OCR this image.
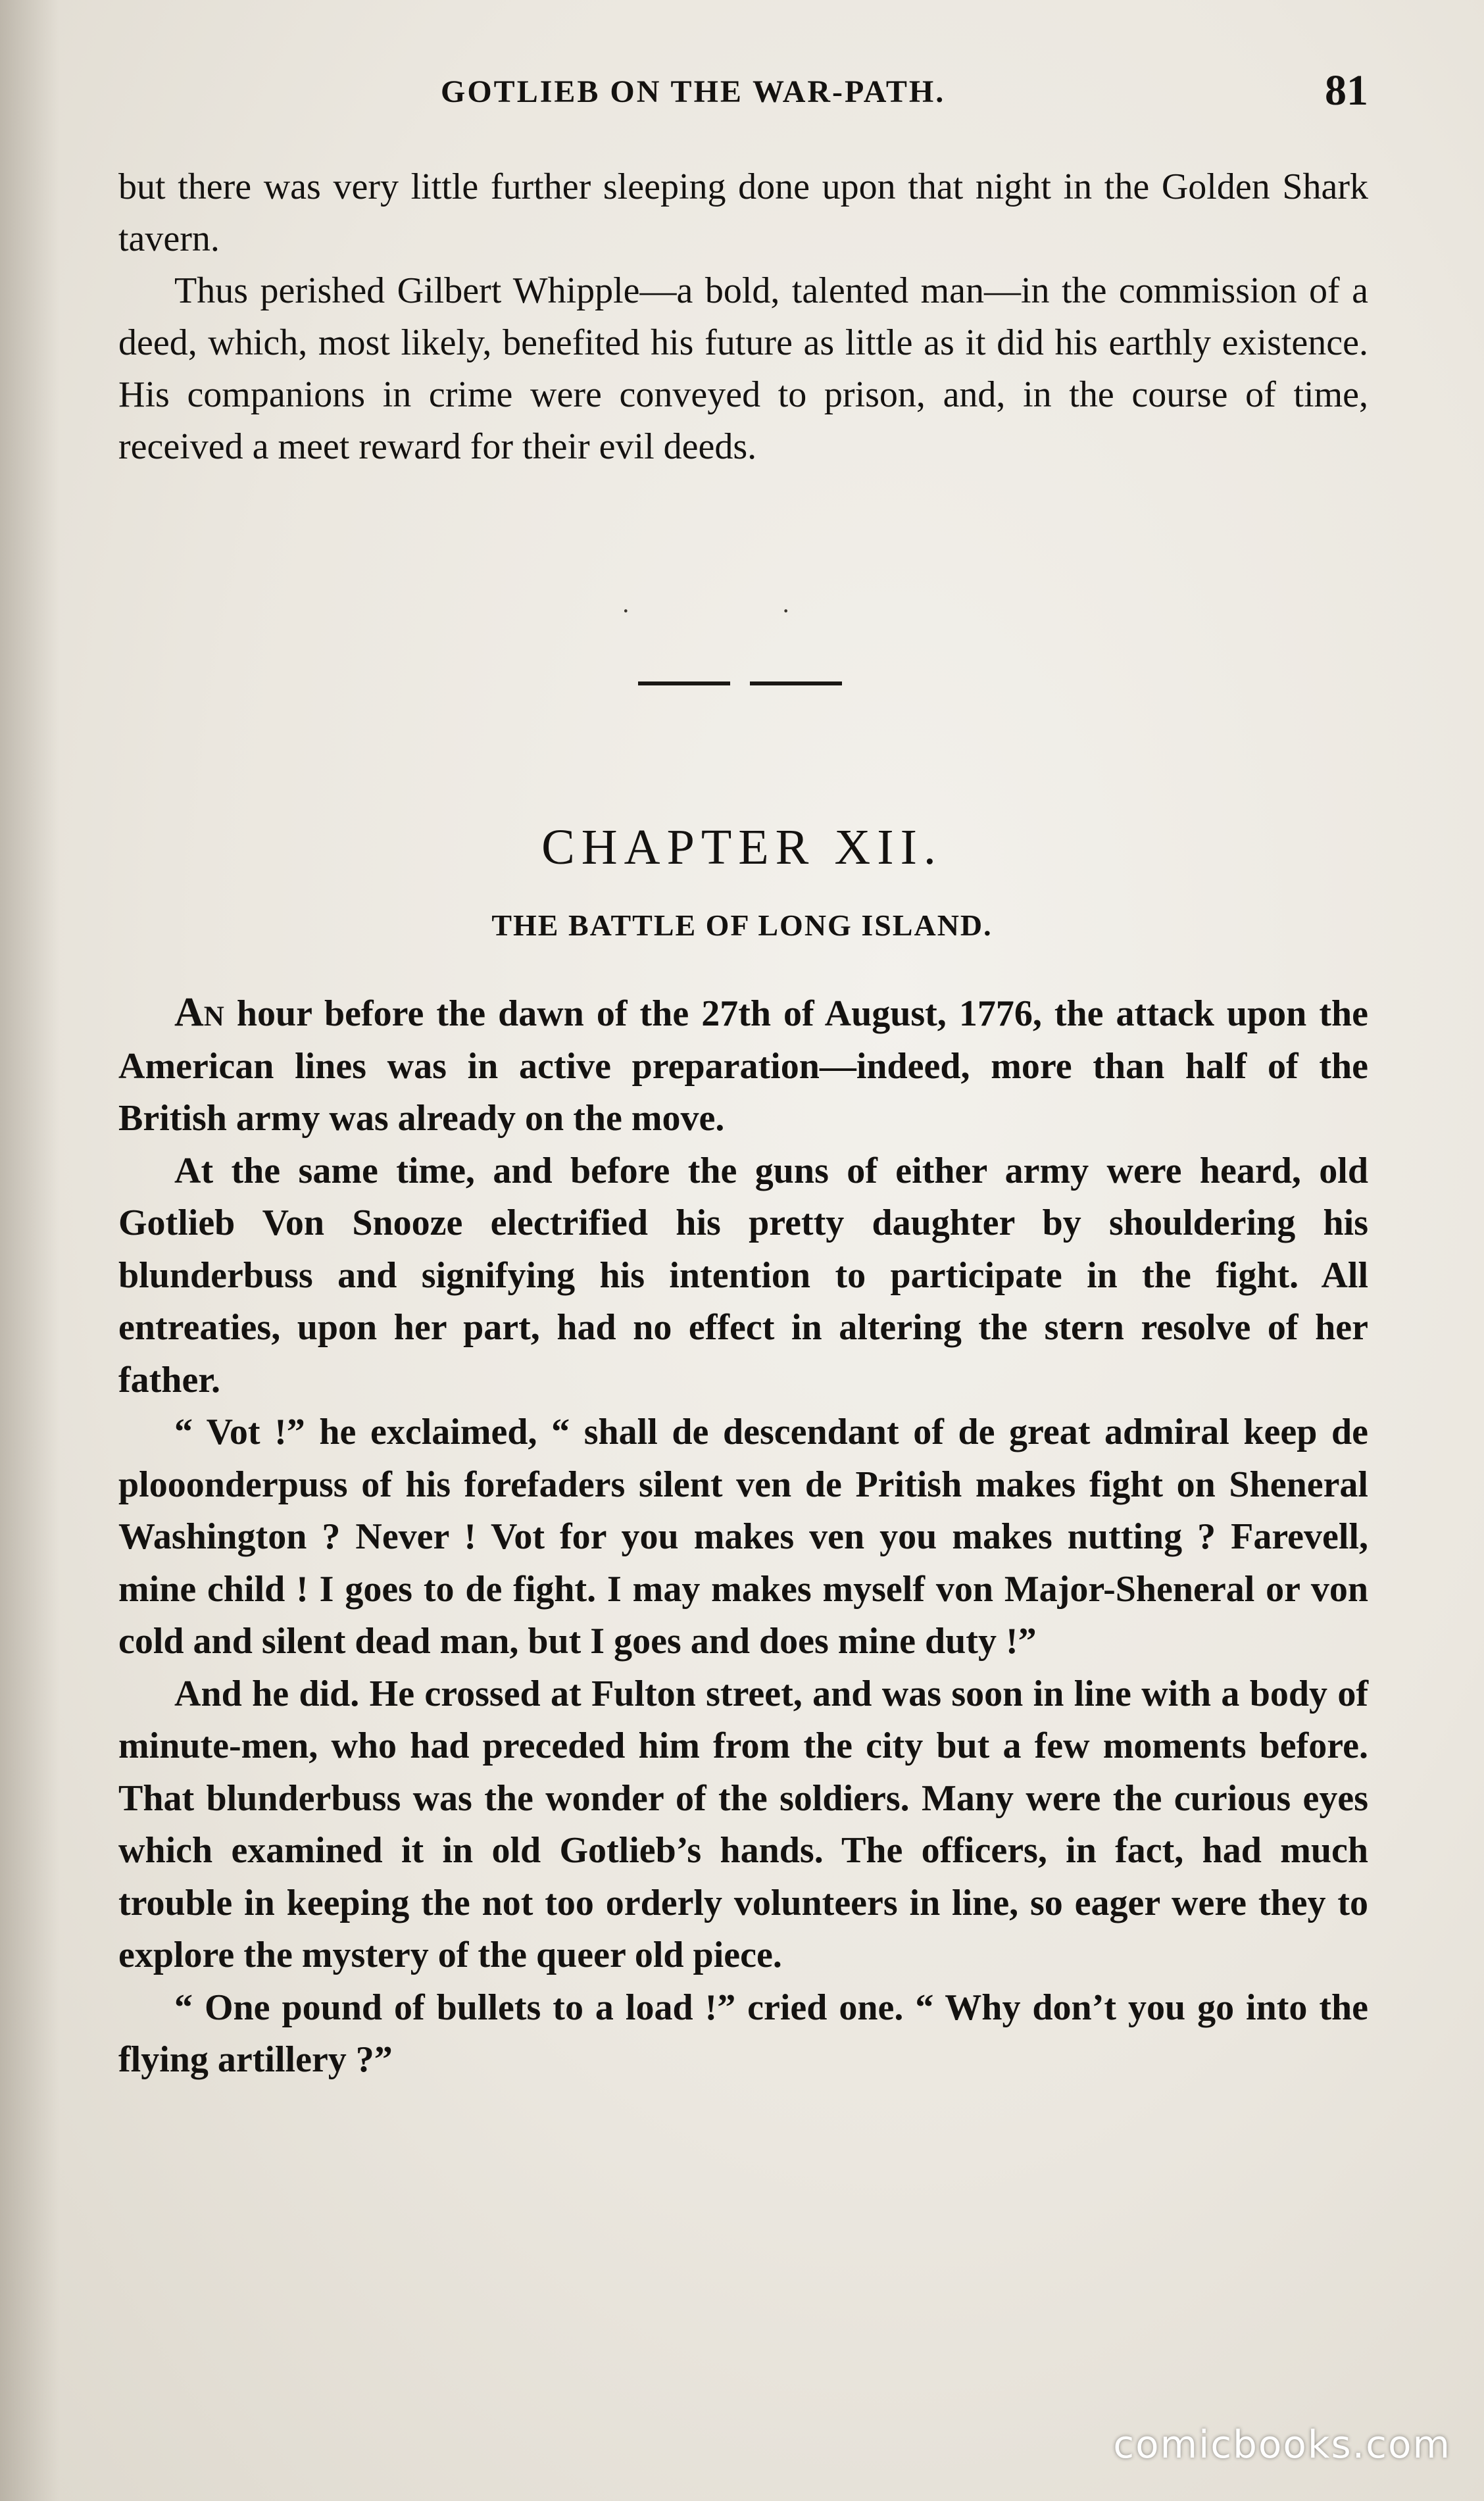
GOTLIEB ON THE WAR-PATH.	81

but there was very little further sleeping done upon that night in the Golden Shark tavern.

Thus perished Gilbert Whipple—a bold, talented man—in the commission of a deed, which, most likely, benefited his future as little as it did his earthly existence. His companions in crime were conveyed to prison, and, in the course of time, received a meet reward for their evil deeds.

· ·
CHAPTER XII.
THE BATTLE OF LONG ISLAND.

An hour before the dawn of the 27th of August, 1776, the attack upon the American lines was in active preparation—indeed, more than half of the British army was already on the move.

At the same time, and before the guns of either army were heard, old Gotlieb Von Snooze electrified his pretty daughter by shouldering his blunderbuss and signifying his intention to participate in the fight. All entreaties, upon her part, had no effect in altering the stern resolve of her father.

“ Vot !” he exclaimed, “ shall de descendant of de great admiral keep de plooonderpuss of his forefaders silent ven de Pritish makes fight on Sheneral Washington ? Never ! Vot for you makes ven you makes nutting ? Farevell, mine child ! I goes to de fight. I may makes myself von Major-Sheneral or von cold and silent dead man, but I goes and does mine duty !”

And he did. He crossed at Fulton street, and was soon in line with a body of minute-men, who had preceded him from the city but a few moments before. That blunderbuss was the wonder of the soldiers. Many were the curious eyes which examined it in old Gotlieb’s hands. The officers, in fact, had much trouble in keeping the not too orderly volunteers in line, so eager were they to explore the mystery of the queer old piece.

“ One pound of bullets to a load !” cried one. “ Why don’t you go into the flying artillery ?”

comicbooks.com
